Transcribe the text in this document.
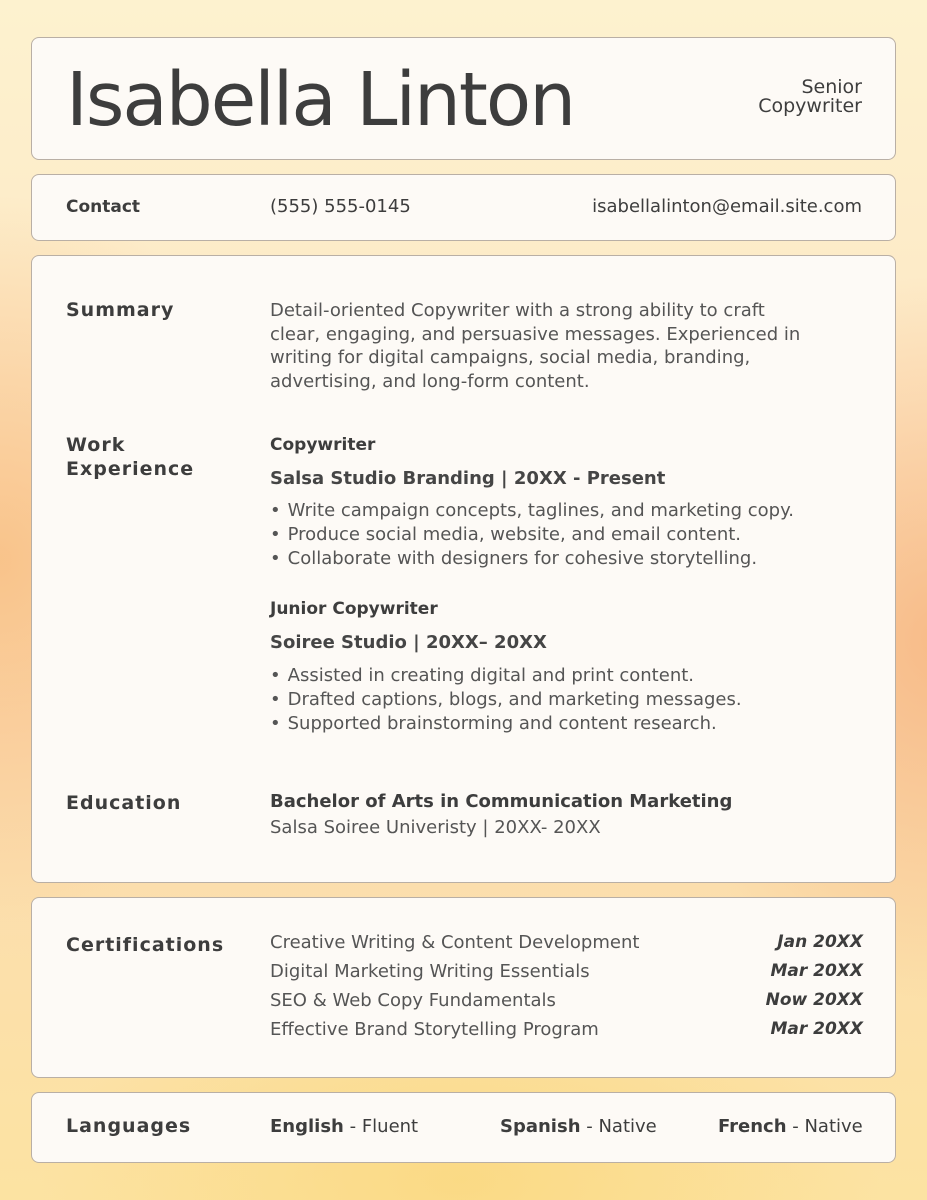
Isabella Linton	Senior
Copywriter
Contact	(555) 555-0145	isabellalinton@email.site.com
Summary	Detail-oriented Copywriter with a strong ability to craft clear, engaging, and persuasive messages. Experienced in writing for digital campaigns, social media, branding, advertising, and long-form content.

Work
Experience
Copywriter
Salsa Studio Branding | 20XX - Present
• Write campaign concepts, taglines, and marketing copy.
• Produce social media, website, and email content.
• Collaborate with designers for cohesive storytelling.
Junior Copywriter
Soiree Studio | 20XX– 20XX
• Assisted in creating digital and print content.
• Drafted captions, blogs, and marketing messages.
• Supported brainstorming and content research.
Education	Bachelor of Arts in Communication Marketing
Salsa Soiree Univeristy | 20XX- 20XX
Certifications	Creative Writing & Content Development	Jan 20XX
Digital Marketing Writing Essentials	Mar 20XX
SEO & Web Copy Fundamentals	Now 20XX
Effective Brand Storytelling Program	Mar 20XX
Languages	English - Fluent	Spanish - Native	French - Native
